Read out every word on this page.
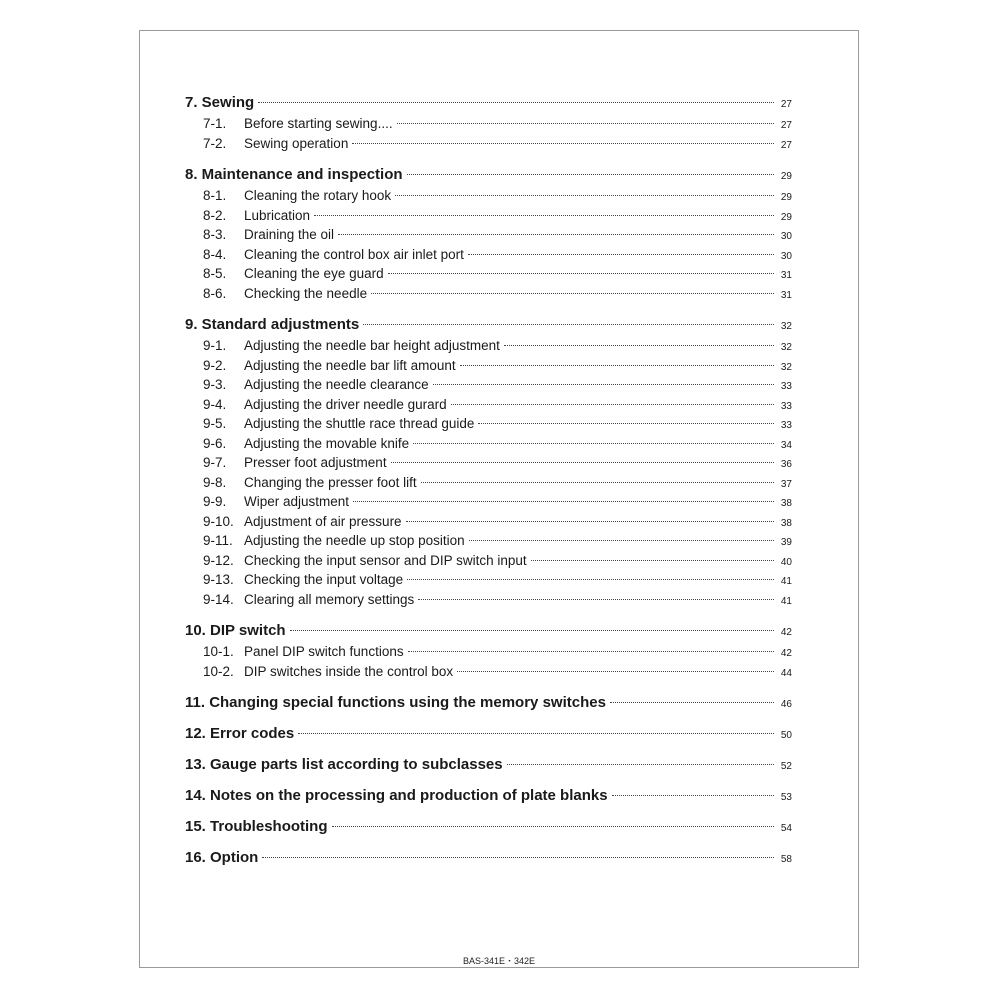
7. Sewing	27
7-1.	Before starting sewing....	27
7-2.	Sewing operation	27
8. Maintenance and inspection	29
8-1.	Cleaning the rotary hook	29
8-2.	Lubrication	29
8-3.	Draining the oil	30
8-4.	Cleaning the control box air inlet port	30
8-5.	Cleaning the eye guard	31
8-6.	Checking the needle	31
9. Standard adjustments	32
9-1.	Adjusting the needle bar height adjustment	32
9-2.	Adjusting the needle bar lift amount	32
9-3.	Adjusting the needle clearance	33
9-4.	Adjusting the driver needle gurard	33
9-5.	Adjusting the shuttle race thread guide	33
9-6.	Adjusting the movable knife	34
9-7.	Presser foot adjustment	36
9-8.	Changing the presser foot lift	37
9-9.	Wiper adjustment	38
9-10. Adjustment of air pressure	38
9-11. Adjusting the needle up stop position	39
9-12. Checking the input sensor and DIP switch input	40
9-13. Checking the input voltage	41
9-14. Clearing all memory settings	41
10. DIP switch	42
10-1. Panel DIP switch functions	42
10-2. DIP switches inside the control box	44
11. Changing special functions using the memory switches	46
12. Error codes	50
13. Gauge parts list according to subclasses	52
14. Notes on the processing and production of plate blanks	53
15. Troubleshooting	54
16. Option	58
BAS-341E・342E
